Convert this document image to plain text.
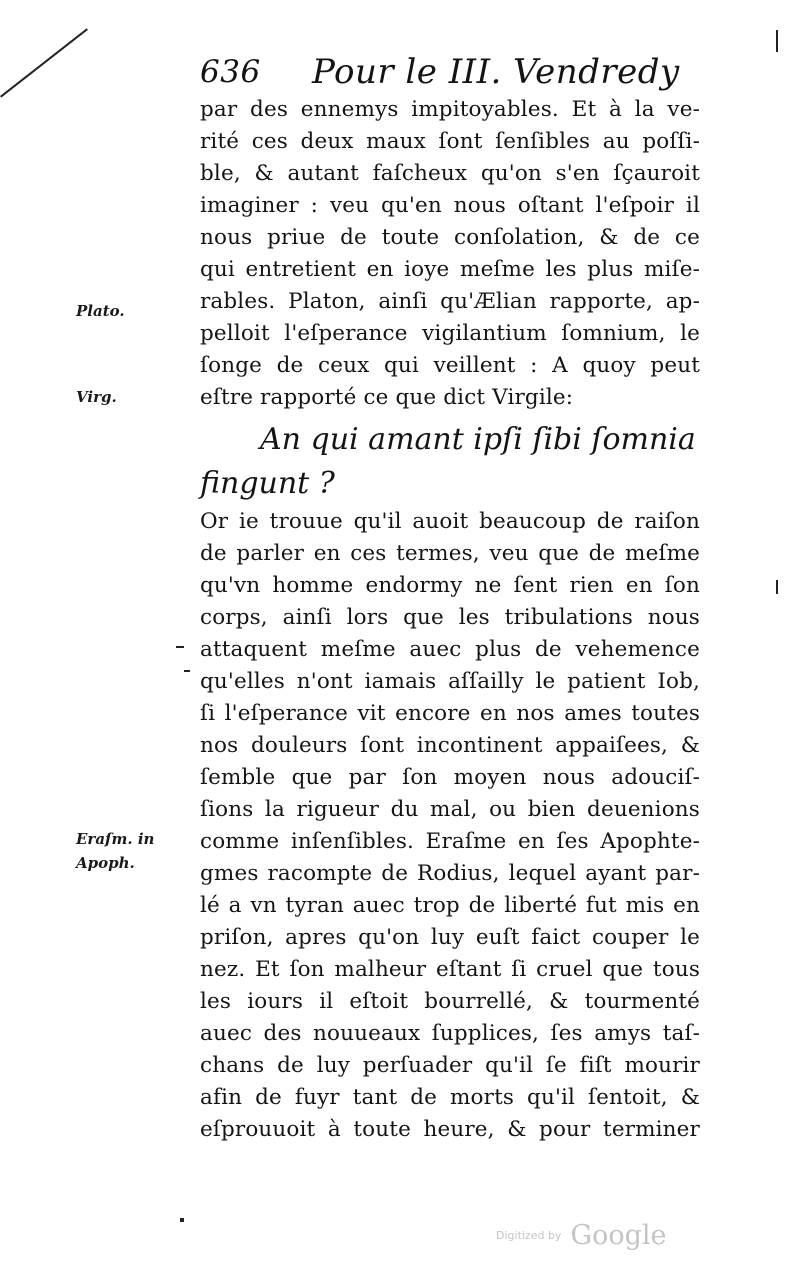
636 Pour le III. Vendredy
par des ennemys impitoyables. Et à la ve-
rité ces deux maux ſont ſenſibles au poſſi-
ble, & autant faſcheux qu'on s'en ſçauroit
imaginer : veu qu'en nous oſtant l'eſpoir il
nous priue de toute conſolation, & de ce
qui entretient en ioye meſme les plus miſe-
rables. Platon, ainſi qu'Ælian rapporte, ap-
pelloit l'eſperance vigilantium ſomnium, le
ſonge de ceux qui veillent : A quoy peut
eſtre rapporté ce que dict Virgile:
An qui amant ipſi ſibi ſomnia
fingunt ?
Or ie trouue qu'il auoit beaucoup de raiſon
de parler en ces termes, veu que de meſme
qu'vn homme endormy ne ſent rien en ſon
corps, ainſi lors que les tribulations nous
attaquent meſme auec plus de vehemence
qu'elles n'ont iamais aſſailly le patient Iob,
ſi l'eſperance vit encore en nos ames toutes
nos douleurs ſont incontinent appaiſees, &
ſemble que par ſon moyen nous adouciſ-
ſions la rigueur du mal, ou bien deuenions
comme inſenſibles. Eraſme en ſes Apophte-
gmes racompte de Rodius, lequel ayant par-
lé a vn tyran auec trop de liberté fut mis en
priſon, apres qu'on luy euſt faict couper le
nez. Et ſon malheur eſtant ſi cruel que tous
les iours il eſtoit bourrellé, & tourmenté
auec des nouueaux ſupplices, ſes amys taſ-
chans de luy perſuader qu'il ſe fiſt mourir
afin de fuyr tant de morts qu'il ſentoit, &
eſprouuoit à toute heure, & pour terminer
Plato.
Virg.
Eraſm. in
Apoph.
Digitized by Google
